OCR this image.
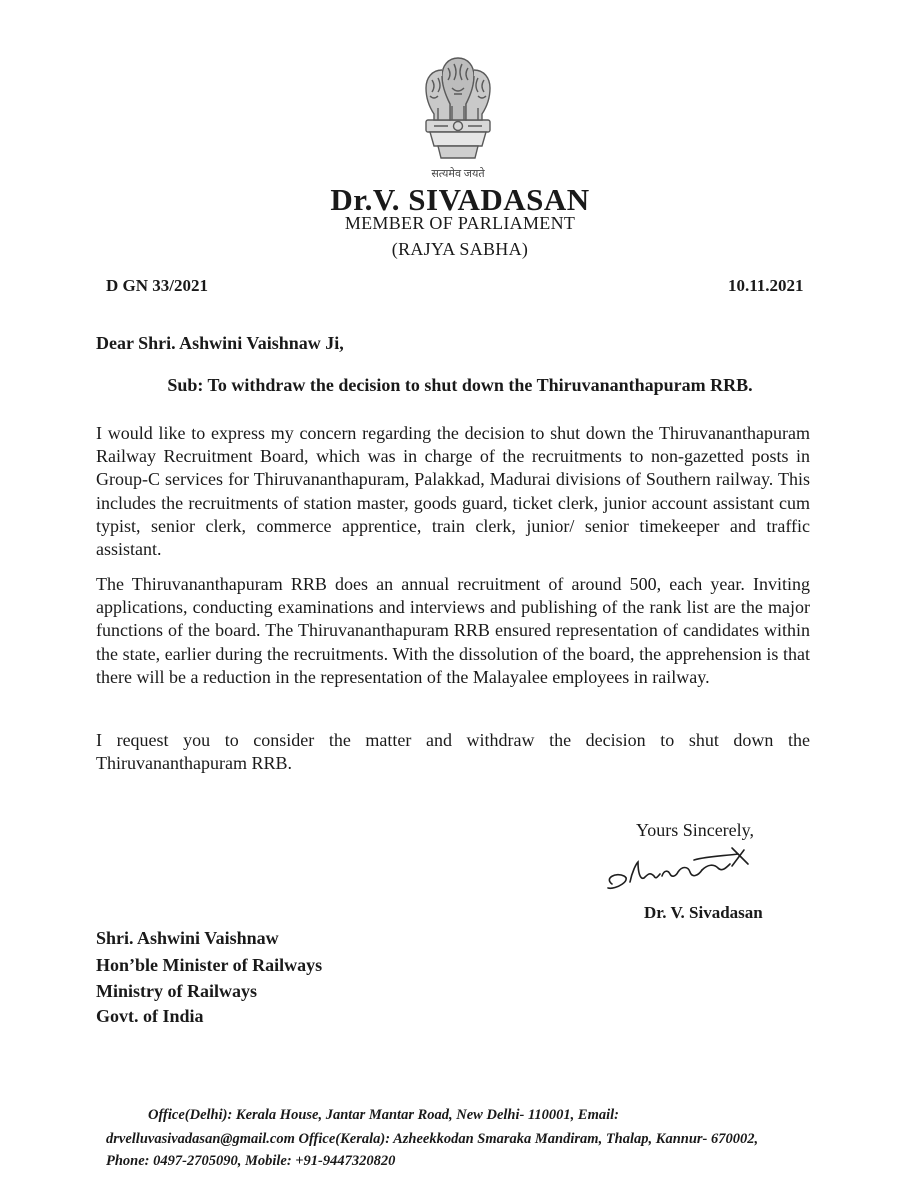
सत्यमेव जयते
Dr.V. SIVADASAN
MEMBER OF PARLIAMENT
(RAJYA SABHA)
D GN 33/2021	10.11.2021
Dear Shri. Ashwini Vaishnaw Ji,
Sub: To withdraw the decision to shut down the Thiruvananthapuram RRB.

I would like to express my concern regarding the decision to shut down the Thiruvananthapuram Railway Recruitment Board, which was in charge of the recruitments to non-gazetted posts in Group-C services for Thiruvananthapuram, Palakkad, Madurai divisions of Southern railway. This includes the recruitments of station master, goods guard, ticket clerk, junior account assistant cum typist, senior clerk, commerce apprentice, train clerk, junior/ senior timekeeper and traffic assistant.

The Thiruvananthapuram RRB does an annual recruitment of around 500, each year. Inviting applications, conducting examinations and interviews and publishing of the rank list are the major functions of the board. The Thiruvananthapuram RRB ensured representation of candidates within the state, earlier during the recruitments. With the dissolution of the board, the apprehension is that there will be a reduction in the representation of the Malayalee employees in railway.

I request you to consider the matter and withdraw the decision to shut down the Thiruvananthapuram RRB.

Yours Sincerely,
Dr. V. Sivadasan
Shri. Ashwini Vaishnaw
Hon’ble Minister of Railways
Ministry of Railways
Govt. of India
Office(Delhi): Kerala House, Jantar Mantar Road, New Delhi- 110001, Email:
drvelluvasivadasan@gmail.com Office(Kerala): Azheekkodan Smaraka Mandiram, Thalap, Kannur- 670002,
Phone: 0497-2705090, Mobile: +91-9447320820
